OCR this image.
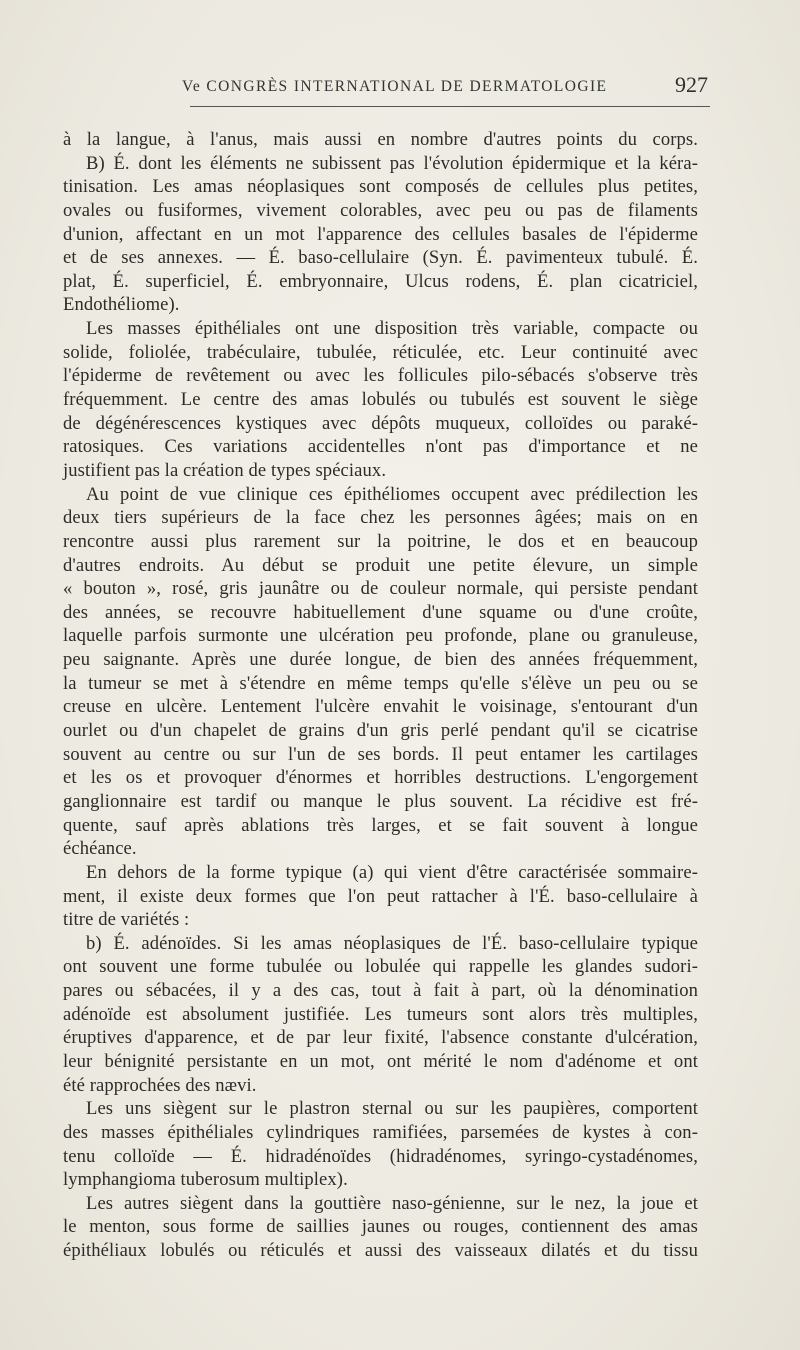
Ve CONGRÈS INTERNATIONAL DE DERMATOLOGIE	927
à la langue, à l'anus, mais aussi en nombre d'autres points du corps.
B) É. dont les éléments ne subissent pas l'évolution épidermique et la kéra-
tinisation. Les amas néoplasiques sont composés de cellules plus petites,
ovales ou fusiformes, vivement colorables, avec peu ou pas de filaments
d'union, affectant en un mot l'apparence des cellules basales de l'épiderme
et de ses annexes. — É. baso-cellulaire (Syn. É. pavimenteux tubulé. É.
plat, É. superficiel, É. embryonnaire, Ulcus rodens, É. plan cicatriciel,
Endothéliome).
Les masses épithéliales ont une disposition très variable, compacte ou
solide, foliolée, trabéculaire, tubulée, réticulée, etc. Leur continuité avec
l'épiderme de revêtement ou avec les follicules pilo-sébacés s'observe très
fréquemment. Le centre des amas lobulés ou tubulés est souvent le siège
de dégénérescences kystiques avec dépôts muqueux, colloïdes ou paraké-
ratosiques. Ces variations accidentelles n'ont pas d'importance et ne
justifient pas la création de types spéciaux.
Au point de vue clinique ces épithéliomes occupent avec prédilection les
deux tiers supérieurs de la face chez les personnes âgées; mais on en
rencontre aussi plus rarement sur la poitrine, le dos et en beaucoup
d'autres endroits. Au début se produit une petite élevure, un simple
« bouton », rosé, gris jaunâtre ou de couleur normale, qui persiste pendant
des années, se recouvre habituellement d'une squame ou d'une croûte,
laquelle parfois surmonte une ulcération peu profonde, plane ou granuleuse,
peu saignante. Après une durée longue, de bien des années fréquemment,
la tumeur se met à s'étendre en même temps qu'elle s'élève un peu ou se
creuse en ulcère. Lentement l'ulcère envahit le voisinage, s'entourant d'un
ourlet ou d'un chapelet de grains d'un gris perlé pendant qu'il se cicatrise
souvent au centre ou sur l'un de ses bords. Il peut entamer les cartilages
et les os et provoquer d'énormes et horribles destructions. L'engorgement
ganglionnaire est tardif ou manque le plus souvent. La récidive est fré-
quente, sauf après ablations très larges, et se fait souvent à longue
échéance.
En dehors de la forme typique (a) qui vient d'être caractérisée sommaire-
ment, il existe deux formes que l'on peut rattacher à l'É. baso-cellulaire à
titre de variétés :
b) É. adénoïdes. Si les amas néoplasiques de l'É. baso-cellulaire typique
ont souvent une forme tubulée ou lobulée qui rappelle les glandes sudori-
pares ou sébacées, il y a des cas, tout à fait à part, où la dénomination
adénoïde est absolument justifiée. Les tumeurs sont alors très multiples,
éruptives d'apparence, et de par leur fixité, l'absence constante d'ulcération,
leur bénignité persistante en un mot, ont mérité le nom d'adénome et ont
été rapprochées des nævi.
Les uns siègent sur le plastron sternal ou sur les paupières, comportent
des masses épithéliales cylindriques ramifiées, parsemées de kystes à con-
tenu colloïde — É. hidradénoïdes (hidradénomes, syringo-cystadénomes,
lymphangioma tuberosum multiplex).
Les autres siègent dans la gouttière naso-génienne, sur le nez, la joue et
le menton, sous forme de saillies jaunes ou rouges, contiennent des amas
épithéliaux lobulés ou réticulés et aussi des vaisseaux dilatés et du tissu
